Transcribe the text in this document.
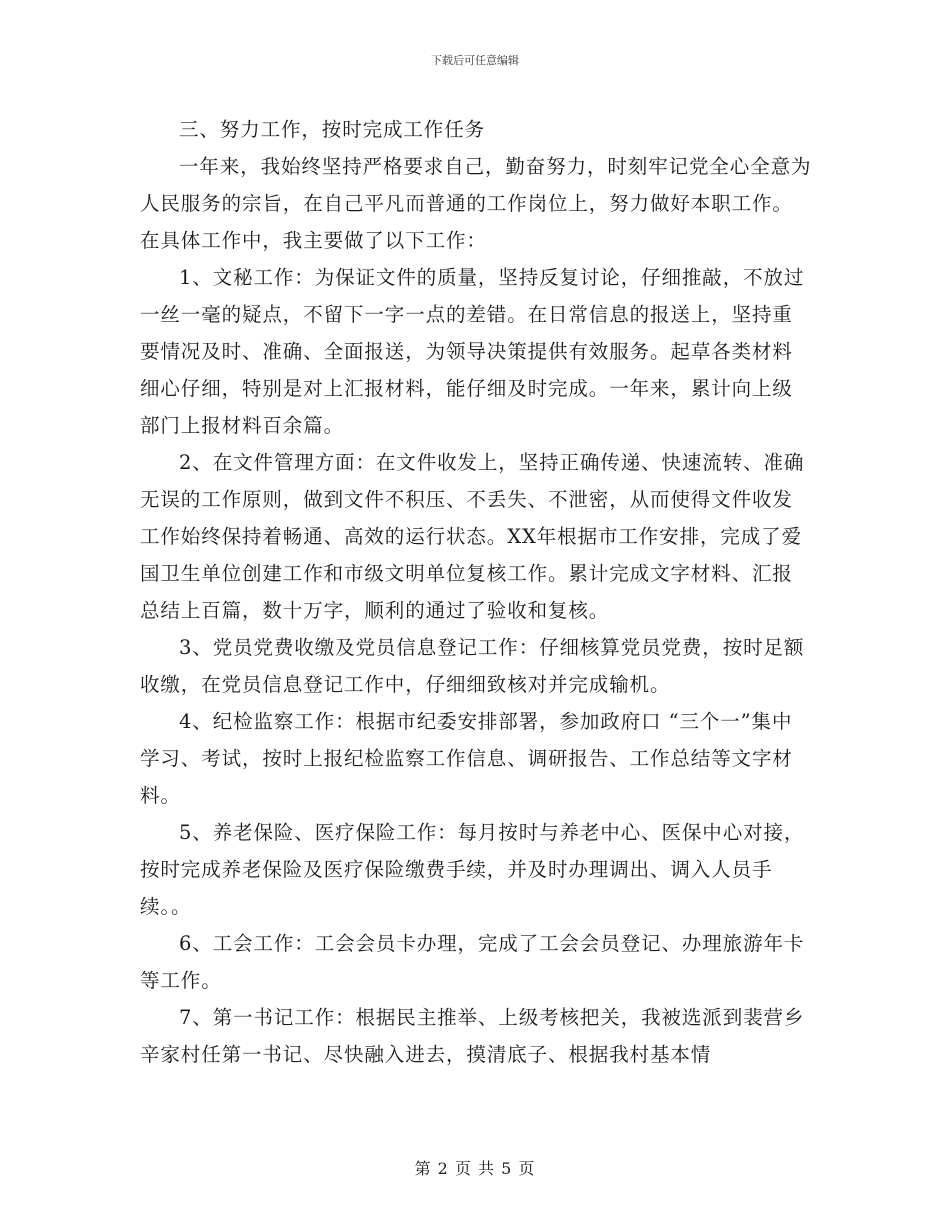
下载后可任意编辑

三、努力工作，按时完成工作任务

一年来，我始终坚持严格要求自己，勤奋努力，时刻牢记党全心全意为人民服务的宗旨，在自己平凡而普通的工作岗位上，努力做好本职工作。在具体工作中，我主要做了以下工作：

1、文秘工作：为保证文件的质量，坚持反复讨论，仔细推敲，不放过一丝一毫的疑点，不留下一字一点的差错。在日常信息的报送上，坚持重要情况及时、准确、全面报送，为领导决策提供有效服务。起草各类材料细心仔细，特别是对上汇报材料，能仔细及时完成。一年来，累计向上级部门上报材料百余篇。

2、在文件管理方面：在文件收发上，坚持正确传递、快速流转、准确无误的工作原则，做到文件不积压、不丢失、不泄密，从而使得文件收发工作始终保持着畅通、高效的运行状态。XX年根据市工作安排，完成了爱国卫生单位创建工作和市级文明单位复核工作。累计完成文字材料、汇报总结上百篇，数十万字，顺利的通过了验收和复核。

3、党员党费收缴及党员信息登记工作：仔细核算党员党费，按时足额收缴，在党员信息登记工作中，仔细细致核对并完成输机。

4、纪检监察工作：根据市纪委安排部署，参加政府口 “三个一”集中学习、考试，按时上报纪检监察工作信息、调研报告、工作总结等文字材料。

5、养老保险、医疗保险工作：每月按时与养老中心、医保中心对接，按时完成养老保险及医疗保险缴费手续，并及时办理调出、调入人员手续。。

6、工会工作：工会会员卡办理，完成了工会会员登记、办理旅游年卡等工作。

7、第一书记工作：根据民主推举、上级考核把关，我被选派到裴营乡辛家村任第一书记、尽快融入进去，摸清底子、根据我村基本情

第 2 页 共 5 页
